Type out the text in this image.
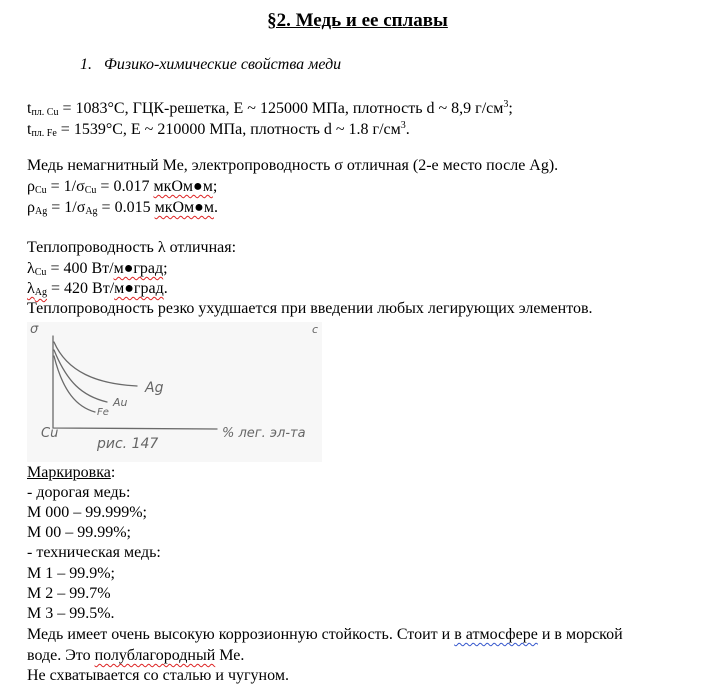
§2. Медь и ее сплавы
1. Физико-химические свойства меди
$t_{пл. Cu} = 1083^\circ C$, ГЦК-решетка, Е ~ 125000 МПа, плотность d ~ 8,9 $г/см^3$;
$t_{пл. Fe} = 1539^\circ C$, Е ~ 210000 МПа, плотность d ~ 1.8 $г/см^3$.
Медь немагнитный Ме, электропроводность σ отличная (2-е место после Ag).
$\rho_{Cu} = 1/\sigma_{Cu} = 0.017$ мкОм●м;
$\rho_{Ag} = 1/\sigma_{Ag} = 0.015$ мкОм●м.
Теплопроводность λ отличная:
$\lambda_{Cu} = 400$ Вт/м●град;
$\lambda_{Ag} = 420$ Вт/м●град.
Теплопроводность резко ухудшается при введении любых легирующих элементов.
σ	c
Ag
Au
Fe
Cu	% лег. эл-та
рис. 147
Маркировка:
- дорогая медь:
М 000 – 99.999%;
М 00 – 99.99%;
- техническая медь:
М 1 – 99.9%;
М 2 – 99.7%
М 3 – 99.5%.
Медь имеет очень высокую коррозионную стойкость. Стоит и в атмосфере и в морской
воде. Это полублагородный Ме.
Не схватывается со сталью и чугуном.
